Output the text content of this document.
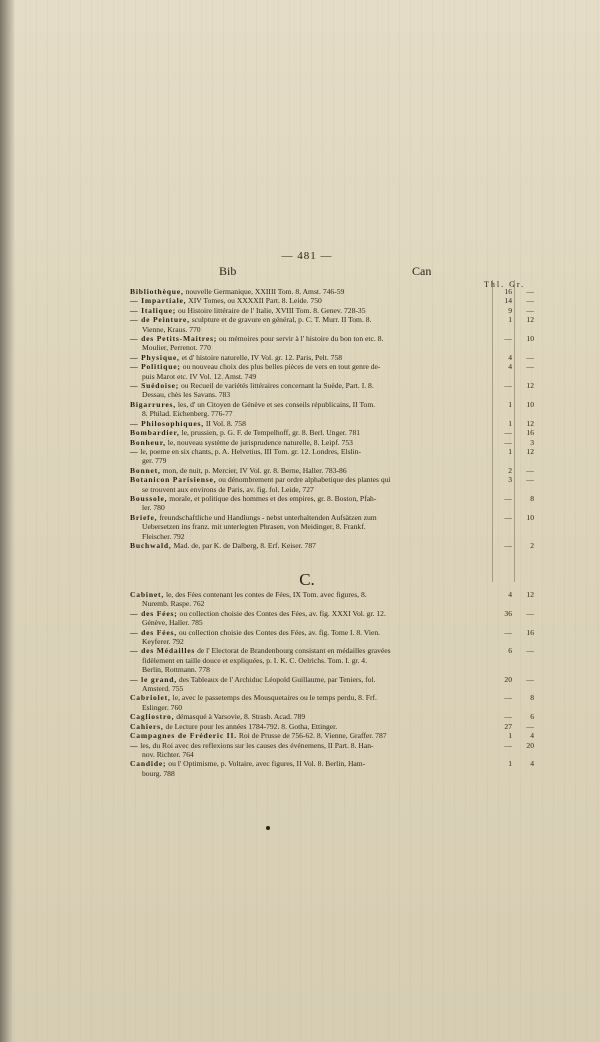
— 481 —
Bib	Can
Thl. Gr.
Bibliothèque, nouvelle Germanique, XXIIII Tom. 8. Amst. 746-59	16	—
— Impartiale, XIV Tomes, ou XXXXII Part. 8. Leide. 750	14	—
— Italique; ou Histoire littéraire de l' Italie, XVIII Tom. 8. Genev. 728-35	9	—
— de Peinture, sculpture et de gravure en général, p. C. T. Murr. II Tom. 8.
Vienne, Kraus. 770
1	12
— des Petits-Maitres; ou mémoires pour servir à l' histoire du bon ton etc. 8.
Moulier, Perrenot. 770
—	10
— Physique, et d' histoire naturelle, IV Vol. gr. 12. Paris, Pelt. 758	4	—
— Politique; ou nouveau choix des plus belles pièces de vers en tout genre de-
puis Marot etc. IV Vol. 12. Amst. 749
4	—
— Suédoise; ou Recueil de variétés littéraires concernant la Suède, Part. I. 8.
Dessau, chès les Savans. 783
—	12
Bigarrures, les, d' un Citoyen de Génève et ses conseils républicains, II Tom.
8. Philad. Eichenberg. 776-77
1	10
— Philosophiques, II Vol. 8. 758	1	12
Bombardier, le, prussien, p. G. F. de Tempelhoff, gr. 8. Berl. Unger. 781	—	16
Bonheur, le, nouveau système de jurisprudence naturelle, 8. Leipf. 753	—	3
— le, poeme en six chants, p. A. Helvetius, III Tom. gr. 12. Londres, Elslin-
ger. 779
1	12
Bonnet, mon, de nuit, p. Mercier, IV Vol. gr. 8. Berne, Haller. 783-86	2	—
Botanicon Parisiense, ou dénombrement par ordre alphabetique des plantes qui
se trouvent aux environs de Paris, av. fig. fol. Leide, 727
3	—
Boussole, morale, et politique des hommes et des empires, gr. 8. Boston, Pfah-
ler. 780
—	8
Briefe, freundschaftliche und Handlungs - nebst unterhaltenden Aufsätzen zum
Uebersetzen ins franz. mit unterlegten Phrasen, von Meidinger, 8. Frankf.
Fleischer. 792
—	10
Buchwald, Mad. de, par K. de Dalberg, 8. Erf. Keiser. 787	—	2
C.
Cabinet, le, des Fées contenant les contes de Fées, IX Tom. avec figures, 8.
Nuremb. Raspe. 762
4	12
— des Fées; ou collection choisie des Contes des Fées, av. fig. XXXI Vol. gr. 12.
Génève, Haller. 785
36	—
— des Fées, ou collection choisie des Contes des Fées, av. fig. Tome I. 8. Vien.
Keyferer. 792
—	16
— des Médailles de l' Electorat de Brandenbourg consistant en médailles gravées
fidèlement en taille douce et expliquées, p. I. K. C. Oelrichs. Tom. I. gr. 4.
Berlin, Rottmann. 778
6	—
— le grand, des Tableaux de l' Archiduc Léopold Guillaume, par Teniers, fol.
Amsterd. 755
20	—
Cabriolet, le, avec le passetemps des Mousquetaires ou le temps perdu, 8. Frf.
Eslinger. 760
—	8
Cagliostro, démasqué à Varsovie, 8. Strasb. Acad. 789	—	6
Cahiers, de Lecture pour les années 1784-792. 8. Gotha, Ettinger.	27	—
Campagnes de Fréderic II. Roi de Prusse de 756-62. 8. Vienne, Graffer. 787	1	4
— les, du Roi avec des reflexions sur les causes des événemens, II Part. 8. Han-
nov. Richter. 764
—	20
Candide; ou l' Optimisme, p. Voltaire, avec figures, II Vol. 8. Berlin, Ham-
bourg. 788
1	4
